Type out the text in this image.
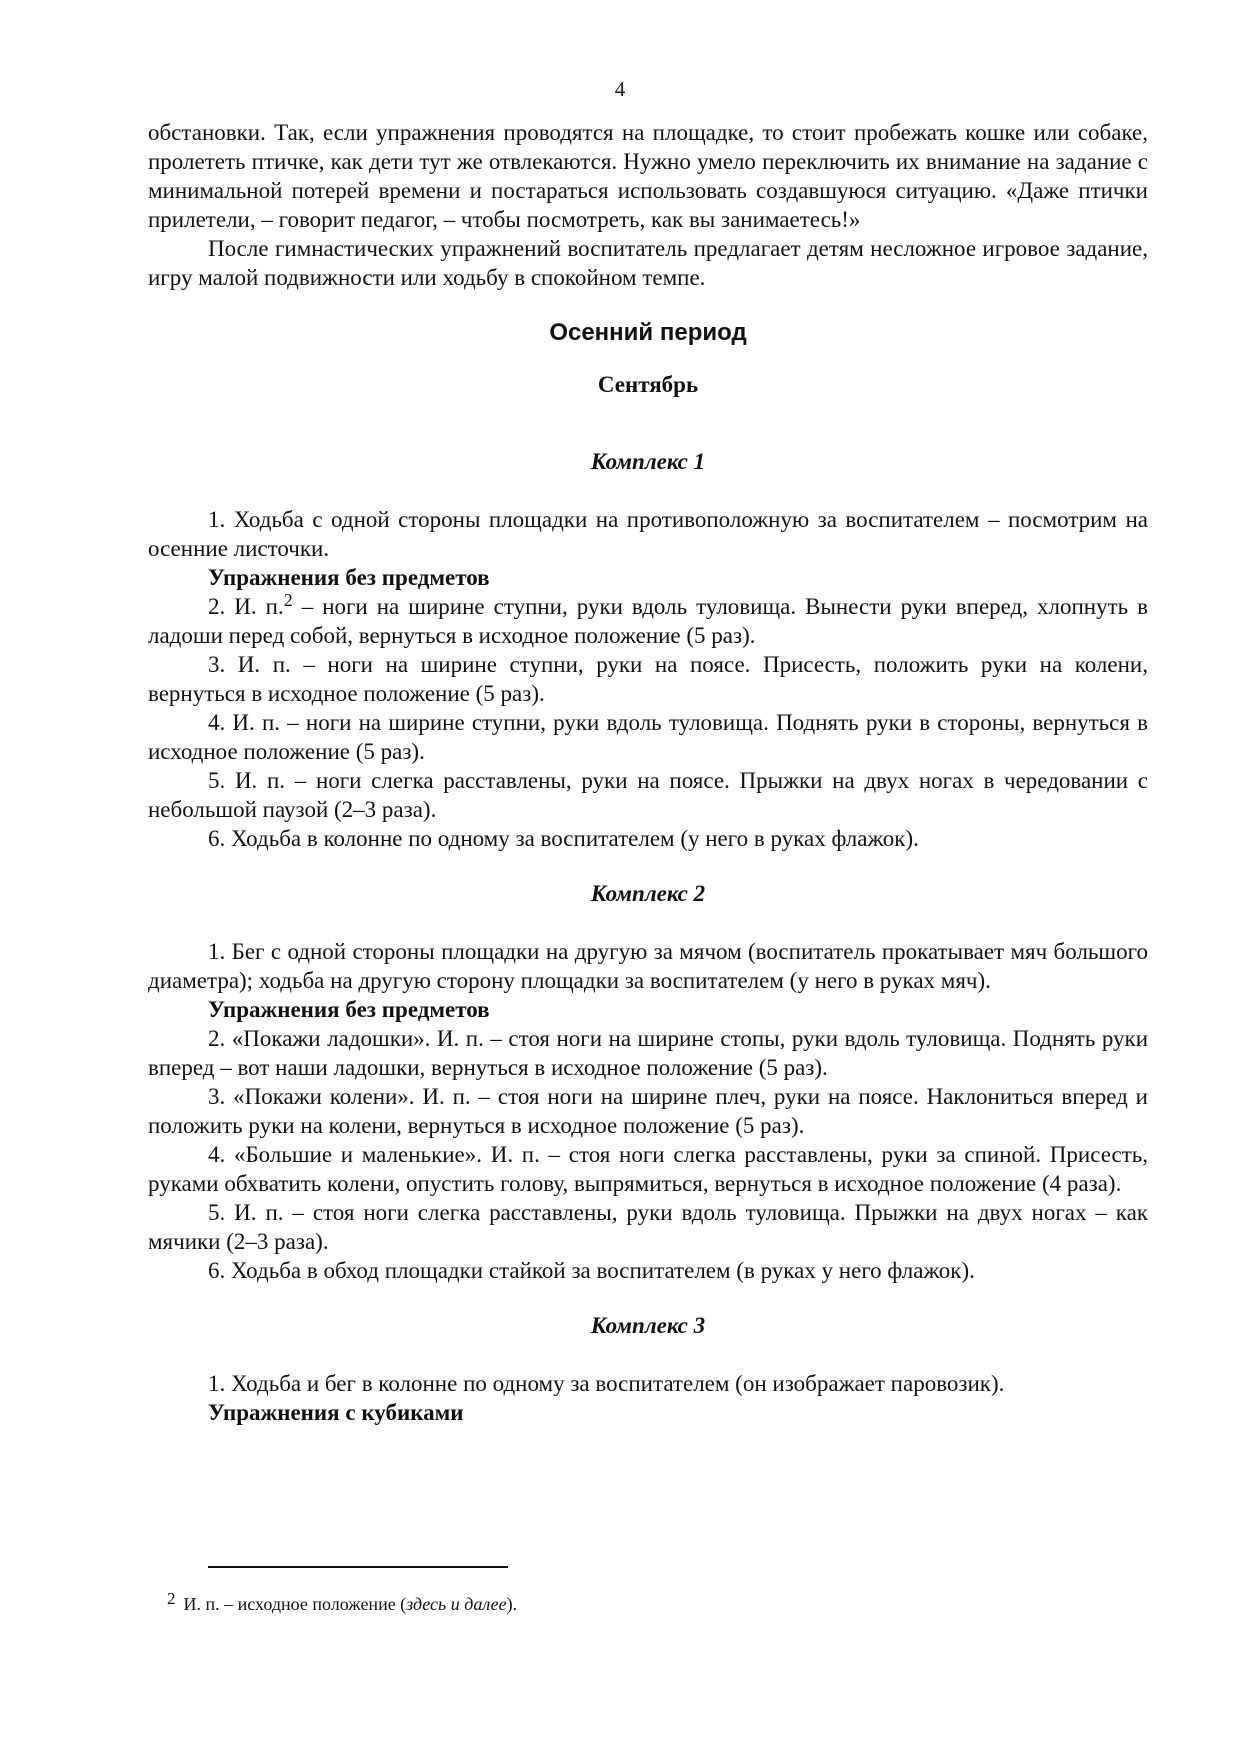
4

обстановки. Так, если упражнения проводятся на площадке, то стоит пробежать кошке или собаке, пролететь птичке, как дети тут же отвлекаются. Нужно умело переключить их внимание на задание с минимальной потерей времени и постараться использовать создавшуюся ситуацию. «Даже птички прилетели, – говорит педагог, – чтобы посмотреть, как вы занимаетесь!»

После гимнастических упражнений воспитатель предлагает детям несложное игровое задание, игру малой подвижности или ходьбу в спокойном темпе.

Осенний период
Сентябрь
Комплекс 1

1. Ходьба с одной стороны площадки на противоположную за воспитателем – посмотрим на осенние листочки.

Упражнения без предметов

2. И. п.$^2$ – ноги на ширине ступни, руки вдоль туловища. Вынести руки вперед, хлопнуть в ладоши перед собой, вернуться в исходное положение (5 раз).

3. И. п. – ноги на ширине ступни, руки на поясе. Присесть, положить руки на колени, вернуться в исходное положение (5 раз).

4. И. п. – ноги на ширине ступни, руки вдоль туловища. Поднять руки в стороны, вернуться в исходное положение (5 раз).

5. И. п. – ноги слегка расставлены, руки на поясе. Прыжки на двух ногах в чередовании с небольшой паузой (2–3 раза).

6. Ходьба в колонне по одному за воспитателем (у него в руках флажок).

Комплекс 2

1. Бег с одной стороны площадки на другую за мячом (воспитатель прокатывает мяч большого диаметра); ходьба на другую сторону площадки за воспитателем (у него в руках мяч).

Упражнения без предметов

2. «Покажи ладошки». И. п. – стоя ноги на ширине стопы, руки вдоль туловища. Поднять руки вперед – вот наши ладошки, вернуться в исходное положение (5 раз).

3. «Покажи колени». И. п. – стоя ноги на ширине плеч, руки на поясе. Наклониться вперед и положить руки на колени, вернуться в исходное положение (5 раз).

4. «Большие и маленькие». И. п. – стоя ноги слегка расставлены, руки за спиной. Присесть, руками обхватить колени, опустить голову, выпрямиться, вернуться в исходное положение (4 раза).

5. И. п. – стоя ноги слегка расставлены, руки вдоль туловища. Прыжки на двух ногах – как мячики (2–3 раза).

6. Ходьба в обход площадки стайкой за воспитателем (в руках у него флажок).

Комплекс 3

1. Ходьба и бег в колонне по одному за воспитателем (он изображает паровозик).

Упражнения с кубиками

2 И. п. – исходное положение (здесь и далее).
